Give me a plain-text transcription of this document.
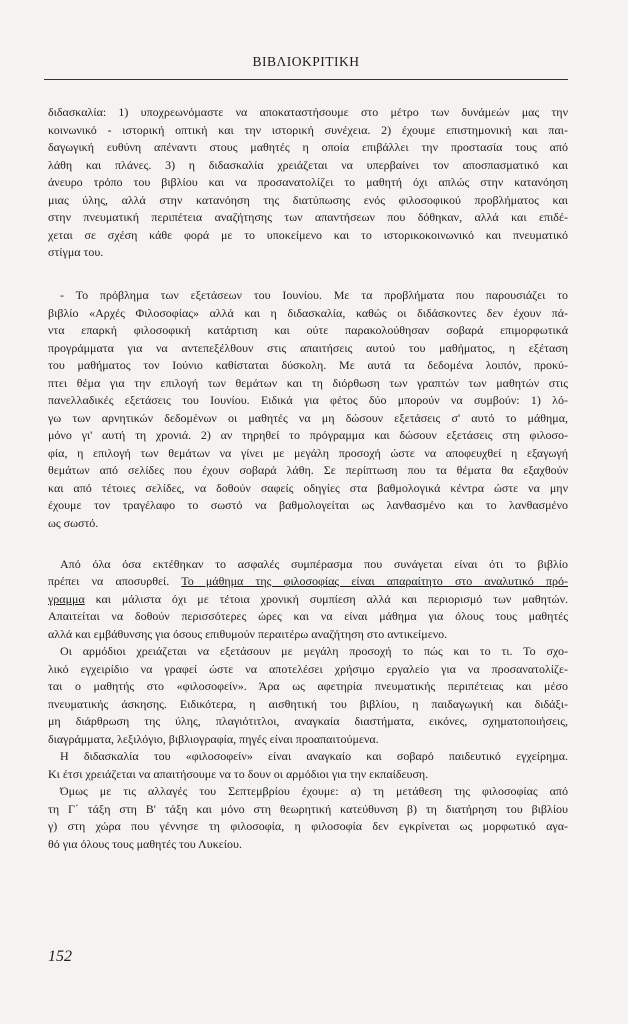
ΒΙΒΛΙΟΚΡΙΤΙΚΗ
διδασκαλία: 1) υποχρεωνόμαστε να αποκαταστήσουμε στο μέτρο των δυνάμεών μας την
κοινωνικό - ιστορική οπτική και την ιστορική συνέχεια. 2) έχουμε επιστημονική και παι-
δαγωγική ευθύνη απέναντι στους μαθητές η οποία επιβάλλει την προστασία τους από
λάθη και πλάνες. 3) η διδασκαλία χρειάζεται να υπερβαίνει τον αποσπασματικό και
άνευρο τρόπο του βιβλίου και να προσανατολίζει το μαθητή όχι απλώς στην κατανόηση
μιας ύλης, αλλά στην κατανόηση της διατύπωσης ενός φιλοσοφικού προβλήματος και
στην πνευματική περιπέτεια αναζήτησης των απαντήσεων που δόθηκαν, αλλά και επιδέ-
χεται σε σχέση κάθε φορά με το υποκείμενο και το ιστορικοκοινωνικό και πνευματικό
στίγμα του.
- Το πρόβλημα των εξετάσεων του Ιουνίου. Με τα προβλήματα που παρουσιάζει το
βιβλίο «Αρχές Φιλοσοφίας» αλλά και η διδασκαλία, καθώς οι διδάσκοντες δεν έχουν πά-
ντα επαρκή φιλοσοφική κατάρτιση και ούτε παρακολούθησαν σοβαρά επιμορφωτικά
προγράμματα για να αντεπεξέλθουν στις απαιτήσεις αυτού του μαθήματος, η εξέταση
του μαθήματος τον Ιούνιο καθίσταται δύσκολη. Με αυτά τα δεδομένα λοιπόν, προκύ-
πτει θέμα για την επιλογή των θεμάτων και τη διόρθωση των γραπτών των μαθητών στις
πανελλαδικές εξετάσεις του Ιουνίου. Ειδικά για φέτος δύο μπορούν να συμβούν: 1) λό-
γω των αρνητικών δεδομένων οι μαθητές να μη δώσουν εξετάσεις σ' αυτό το μάθημα,
μόνο γι' αυτή τη χρονιά. 2) αν τηρηθεί το πρόγραμμα και δώσουν εξετάσεις στη φιλοσο-
φία, η επιλογή των θεμάτων να γίνει με μεγάλη προσοχή ώστε να αποφευχθεί η εξαγωγή
θεμάτων από σελίδες που έχουν σοβαρά λάθη. Σε περίπτωση που τα θέματα θα εξαχθούν
και από τέτοιες σελίδες, να δοθούν σαφείς οδηγίες στα βαθμολογικά κέντρα ώστε να μην
έχουμε τον τραγέλαφο το σωστό να βαθμολογείται ως λανθασμένο και το λανθασμένο
ως σωστό.
Από όλα όσα εκτέθηκαν το ασφαλές συμπέρασμα που συνάγεται είναι ότι το βιβλίο
πρέπει να αποσυρθεί. Το μάθημα της φιλοσοφίας είναι απαραίτητο στο αναλυτικό πρό-
γραμμα και μάλιστα όχι με τέτοια χρονική συμπίεση αλλά και περιορισμό των μαθητών.
Απαιτείται να δοθούν περισσότερες ώρες και να είναι μάθημα για όλους τους μαθητές
αλλά και εμβάθυνσης για όσους επιθυμούν περαιτέρω αναζήτηση στο αντικείμενο.
Οι αρμόδιοι χρειάζεται να εξετάσουν με μεγάλη προσοχή το πώς και το τι. Το σχο-
λικό εγχειρίδιο να γραφεί ώστε να αποτελέσει χρήσιμο εργαλείο για να προσανατολίζε-
ται ο μαθητής στο «φιλοσοφείν». Άρα ως αφετηρία πνευματικής περιπέτειας και μέσο
πνευματικής άσκησης. Ειδικότερα, η αισθητική του βιβλίου, η παιδαγωγική και διδάξι-
μη διάρθρωση της ύλης, πλαγιότιτλοι, αναγκαία διαστήματα, εικόνες, σχηματοποιήσεις,
διαγράμματα, λεξιλόγιο, βιβλιογραφία, πηγές είναι προαπαιτούμενα.
Η διδασκαλία του «φιλοσοφείν» είναι αναγκαίο και σοβαρό παιδευτικό εγχείρημα.
Κι έτσι χρειάζεται να απαιτήσουμε να το δουν οι αρμόδιοι για την εκπαίδευση.
Όμως με τις αλλαγές του Σεπτεμβρίου έχουμε: α) τη μετάθεση της φιλοσοφίας από
τη Γ΄ τάξη στη Β' τάξη και μόνο στη θεωρητική κατεύθυνση β) τη διατήρηση του βιβλίου
γ) στη χώρα που γέννησε τη φιλοσοφία, η φιλοσοφία δεν εγκρίνεται ως μορφωτικό αγα-
θό για όλους τους μαθητές του Λυκείου.
152
